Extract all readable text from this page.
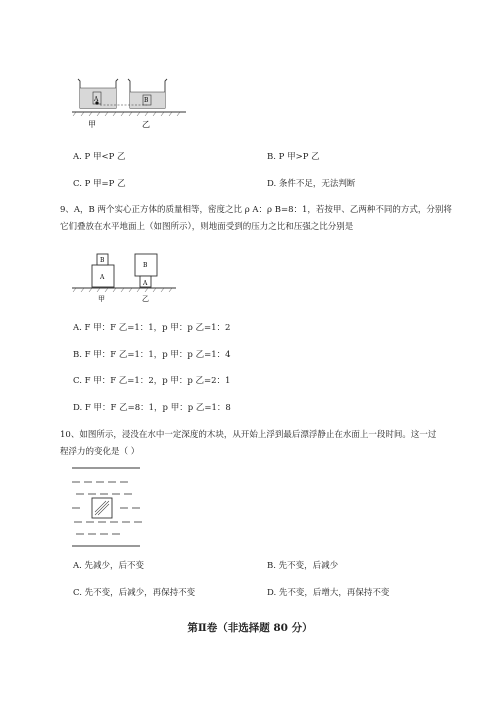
A	B
甲	乙
A. P 甲<P 乙	B. P 甲>P 乙
C. P 甲=P 乙	D. 条件不足，无法判断
9、A，B 两个实心正方体的质量相等，密度之比 ρ A：ρ B=8：1，若按甲、乙两种不同的方式，分别将
它们叠放在水平地面上（如图所示），则地面受到的压力之比和压强之比分别是
B
A
B
A
甲	乙
A. F 甲：F 乙=1：1，p 甲：p 乙=1：2
B. F 甲：F 乙=1：1，p 甲：p 乙=1：4
C. F 甲：F 乙=1：2，p 甲：p 乙=2：1
D. F 甲：F 乙=8：1，p 甲：p 乙=1：8
10、如图所示，浸没在水中一定深度的木块，从开始上浮到最后漂浮静止在水面上一段时间。这一过
程浮力的变化是（ ）
A. 先减少，后不变	B. 先不变，后减少
C. 先不变，后减少，再保持不变	D. 先不变，后增大，再保持不变
第Ⅱ卷（非选择题 80 分）
